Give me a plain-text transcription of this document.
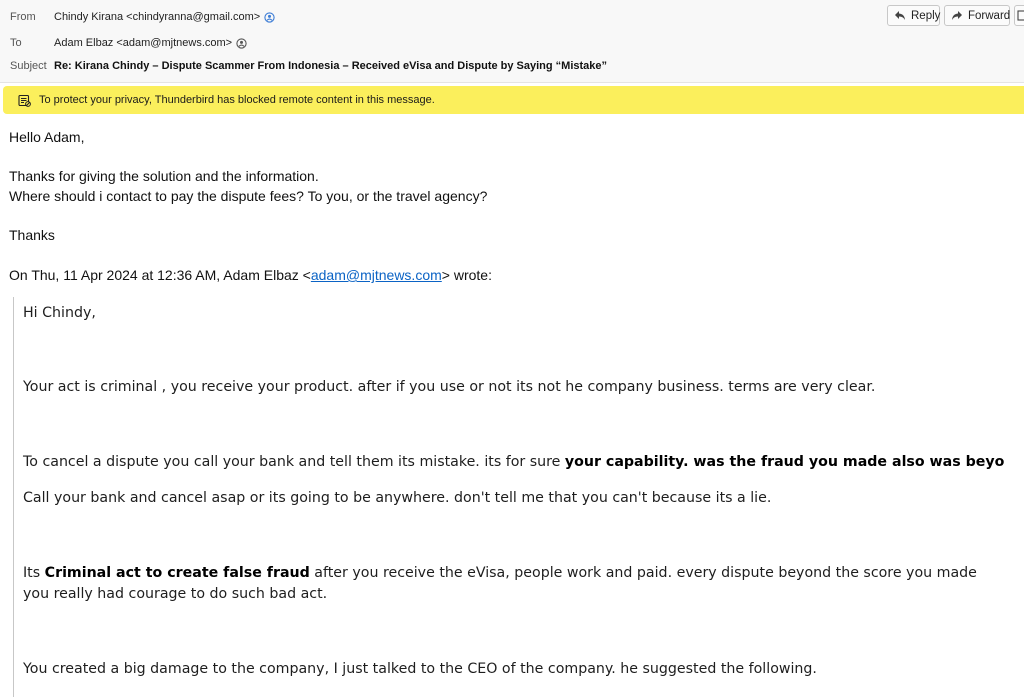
From Chindy Kirana <chindyranna@gmail.com>
To	Adam Elbaz <adam@mjtnews.com>
Subject Re: Kirana Chindy – Dispute Scammer From Indonesia – Received eVisa and Dispute by Saying “Mistake”
Reply Forward
To protect your privacy, Thunderbird has blocked remote content in this message.
Hello Adam,
Thanks for giving the solution and the information.
Where should i contact to pay the dispute fees? To you, or the travel agency?
Thanks
On Thu, 11 Apr 2024 at 12:36 AM, Adam Elbaz <adam@mjtnews.com> wrote:
Hi Chindy,
Your act is criminal , you receive your product. after if you use or not its not he company business. terms are very clear.
To cancel a dispute you call your bank and tell them its mistake. its for sure your capability. was the fraud you made also was beyo
Call your bank and cancel asap or its going to be anywhere. don't tell me that you can't because its a lie.
Its Criminal act to create false fraud after you receive the eVisa, people work and paid. every dispute beyond the score you made
you really had courage to do such bad act.
You created a big damage to the company, I just talked to the CEO of the company. he suggested the following.
